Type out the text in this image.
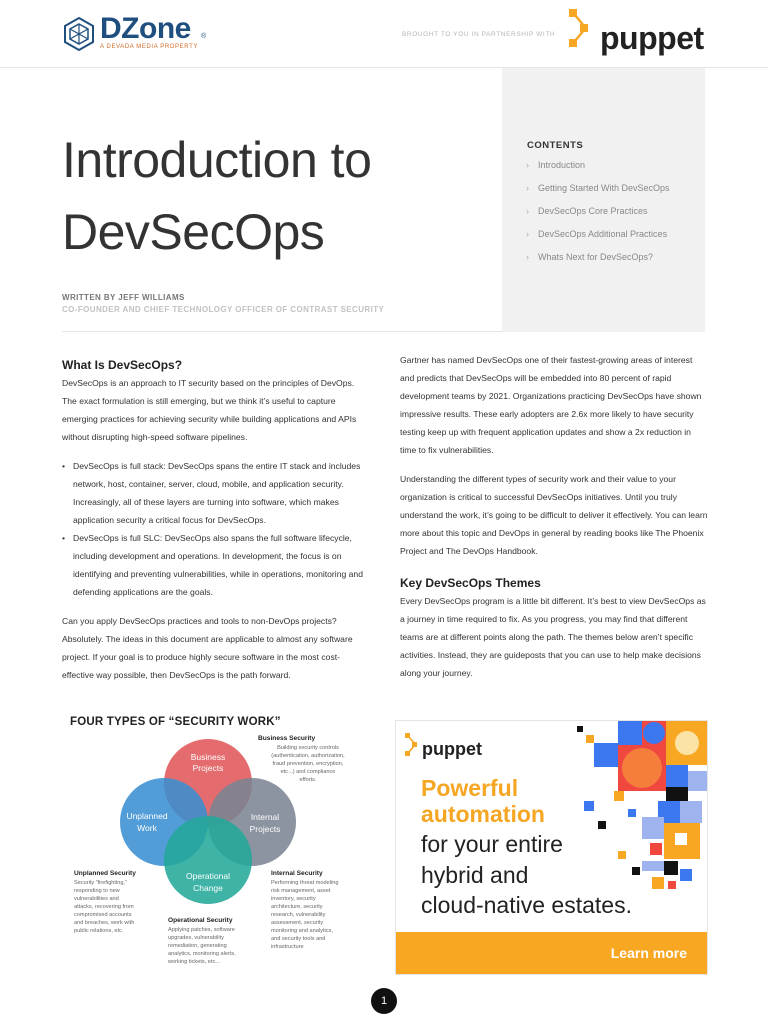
DZone ®
A DEVADA MEDIA PROPERTY
BROUGHT TO YOU IN PARTNERSHIP WITH puppet
Introduction to
DevSecOps
WRITTEN BY JEFF WILLIAMS
CO-FOUNDER AND CHIEF TECHNOLOGY OFFICER OF CONTRAST SECURITY
CONTENTS
› Introduction
› Getting Started With DevSecOps
› DevSecOps Core Practices
› DevSecOps Additional Practices
› Whats Next for DevSecOps?
What Is DevSecOps?

DevSecOps is an approach to IT security based on the principles of DevOps. The exact formulation is still emerging, but we think it’s useful to capture emerging practices for achieving security while building applications and APIs without disrupting high-speed software pipelines.

• DevSecOps is full stack: DevSecOps spans the entire IT stack and includes network, host, container, server, cloud, mobile, and application security. Increasingly, all of these layers are turning into software, which makes application security a critical focus for DevSecOps.
• DevSecOps is full SLC: DevSecOps also spans the full software lifecycle, including development and operations. In development, the focus is on identifying and preventing vulnerabilities, while in operations, monitoring and defending applications are the goals.

Can you apply DevSecOps practices and tools to non-DevOps projects? Absolutely. The ideas in this document are applicable to almost any software project. If your goal is to produce highly secure software in the most cost-effective way possible, then DevSecOps is the path forward.

Gartner has named DevSecOps one of their fastest-growing areas of interest and predicts that DevSecOps will be embedded into 80 percent of rapid development teams by 2021. Organizations practicing DevSecOps have shown impressive results. These early adopters are 2.6x more likely to have security testing keep up with frequent application updates and show a 2x reduction in time to fix vulnerabilities.

Understanding the different types of security work and their value to your organization is critical to successful DevSecOps initiatives. Until you truly understand the work, it’s going to be difficult to deliver it effectively. You can learn more about this topic and DevOps in general by reading books like The Phoenix Project and The DevOps Handbook.

Key DevSecOps Themes

Every DevSecOps program is a little bit different. It’s best to view DevSecOps as a journey in time required to fix. As you progress, you may find that different teams are at different points along the path. The themes below aren’t specific activities. Instead, they are guideposts that you can use to help make decisions along your journey.

Business
Projects
Unplanned
Work
Internal
Projects
Operational
Change
FOUR TYPES OF “SECURITY WORK”
Business Security
Building security controls
(authentication, authorization,
fraud prevention, encryption,
etc...) and compliance
efforts.
Unplanned Security
Security “firefighting,”
responding to new
vulnerabilities and
attacks, recovering from
compromised accounts
and breaches, work with
public relations, etc.
Internal Security
Performing threat modeling
risk management, asset
inventory, security
architecture, security
research, vulnerability
assessment, security
monitoring and analytics,
and security tools and
infrastructure
Operational Security
Applying patches, software
upgrades, vulnerability
remediation, generating
analytics, monitoring alerts,
working tickets, etc...
puppet
Powerful
automation
for your entire
hybrid and
cloud-native estates.
Learn more
1
